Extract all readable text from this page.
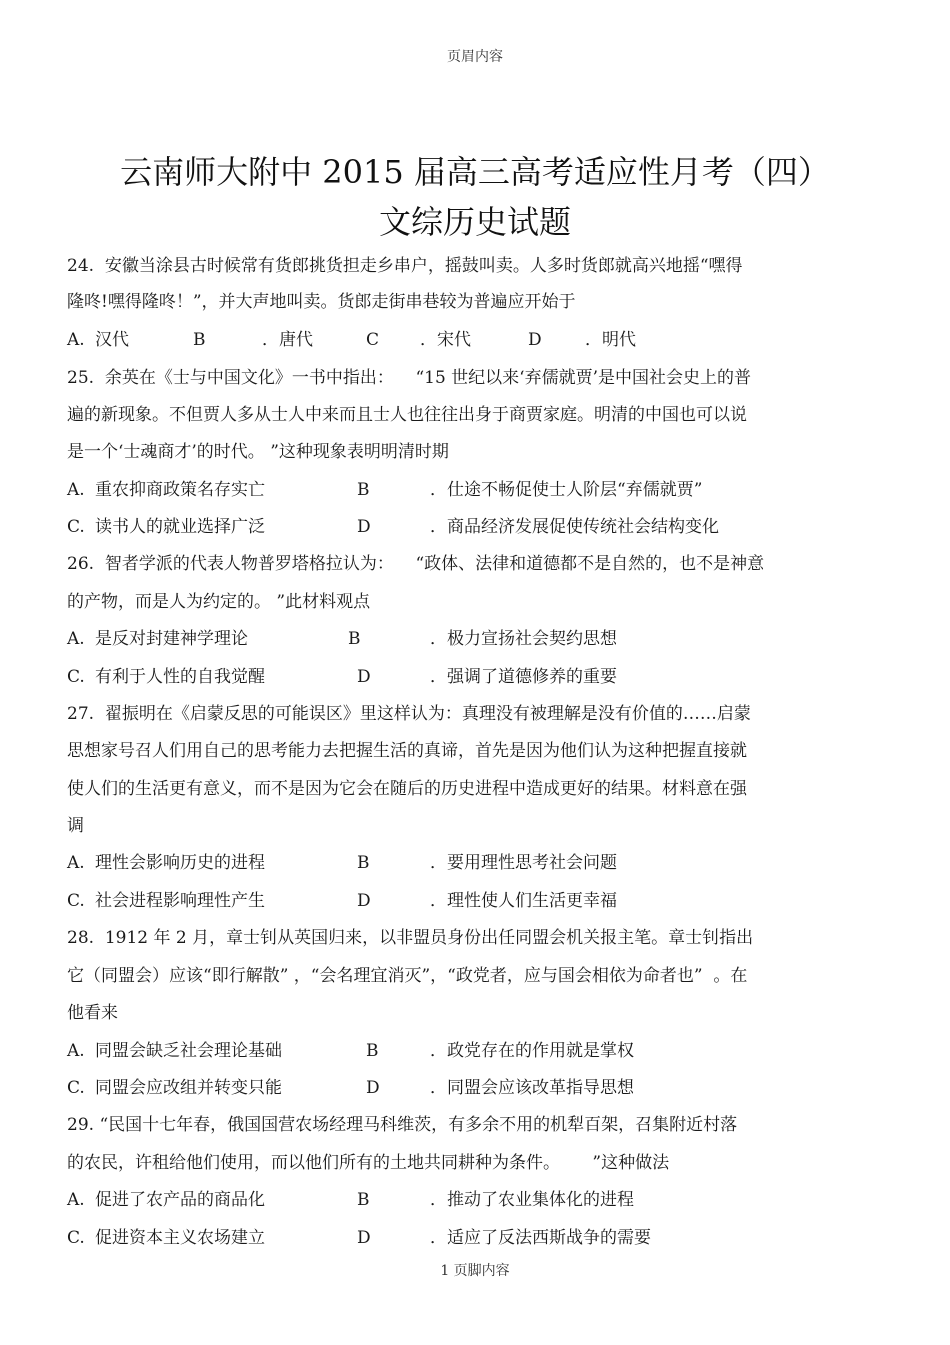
页眉内容
云南师大附中 2015 届高三高考适应性月考（四）
文综历史试题
24.  安徽当涂县古时候常有货郎挑货担走乡串户，摇鼓叫卖。人多时货郎就高兴地摇“嘿得
隆咚!嘿得隆咚！”，并大声地叫卖。货郎走街串巷较为普遍应开始于
A. 汉代	B	．唐代	C ．宋代	D	．明代
25.  余英在《士与中国文化》一书中指出：    “15 世纪以来‘弃儒就贾’是中国社会史上的普
遍的新现象。不但贾人多从士人中来而且士人也往往出身于商贾家庭。明清的中国也可以说
是一个‘士魂商才’的时代。 ”这种现象表明明清时期
A. 重农抑商政策名存实亡	B	．仕途不畅促使士人阶层“弃儒就贾”
C. 读书人的就业选择广泛	D	．商品经济发展促使传统社会结构变化
26.  智者学派的代表人物普罗塔格拉认为：    “政体、法律和道德都不是自然的，也不是神意
的产物，而是人为约定的。 ”此材料观点
A. 是反对封建神学理论	B	．极力宣扬社会契约思想
C. 有利于人性的自我觉醒	D	．强调了道德修养的重要
27.  翟振明在《启蒙反思的可能误区》里这样认为：真理没有被理解是没有价值的……启蒙
思想家号召人们用自己的思考能力去把握生活的真谛，首先是因为他们认为这种把握直接就
使人们的生活更有意义，而不是因为它会在随后的历史进程中造成更好的结果。材料意在强
调
A. 理性会影响历史的进程	B	．要用理性思考社会问题
C. 社会进程影响理性产生	D	．理性使人们生活更幸福
28.  1912 年 2 月，章士钊从英国归来，以非盟员身份出任同盟会机关报主笔。章士钊指出
它（同盟会）应该“即行解散” ，“会名理宜消灭”，“政党者，应与国会相依为命者也”  。在
他看来
A. 同盟会缺乏社会理论基础	B	．政党存在的作用就是掌权
C. 同盟会应改组并转变只能	D	．同盟会应该改革指导思想
29. “民国十七年春，俄国国营农场经理马科维茨，有多余不用的机犁百架，召集附近村落
的农民，许租给他们使用，而以他们所有的土地共同耕种为条件。      ”这种做法
A. 促进了农产品的商品化	B	．推动了农业集体化的进程
C. 促进资本主义农场建立	D	．适应了反法西斯战争的需要
1 页脚内容
